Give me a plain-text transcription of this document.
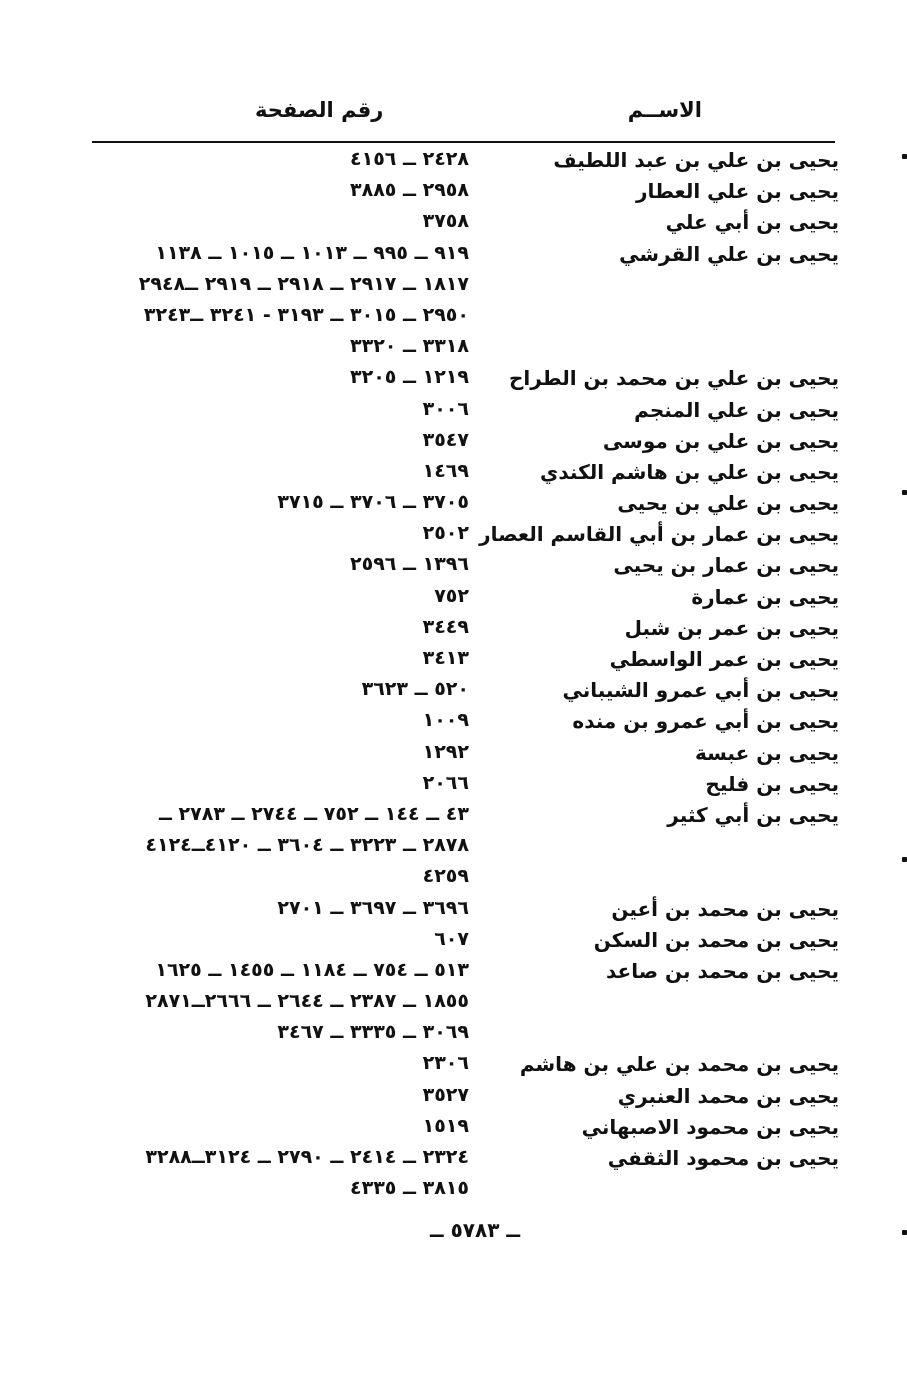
الاســم
رقم الصفحة
يحيى بن علي بن عبد اللطيف
٢٤٢٨ ــ ٤١٥٦
يحيى بن علي العطار
٢٩٥٨ ــ ٣٨٨٥
يحيى بن أبي علي
٣٧٥٨
يحيى بن علي القرشي
٩١٩ ــ ٩٩٥ ــ ١٠١٣ ــ ١٠١٥ ــ ١١٣٨
١٨١٧ ــ ٢٩١٧ ــ ٢٩١٨ ــ ٢٩١٩ ــ٢٩٤٨
٢٩٥٠ ــ ٣٠١٥ ــ ٣١٩٣ - ٣٢٤١ ــ٣٢٤٣
٣٣١٨ ــ ٣٣٢٠
يحيى بن علي بن محمد بن الطراح
١٢١٩ ــ ٣٢٠٥
يحيى بن علي المنجم
٣٠٠٦
يحيى بن علي بن موسى
٣٥٤٧
يحيى بن علي بن هاشم الكندي
١٤٦٩
يحيى بن علي بن يحيى
٣٧٠٥ ــ ٣٧٠٦ ــ ٣٧١٥
يحيى بن عمار بن أبي القاسم العصار
٢٥٠٢
يحيى بن عمار بن يحيى
١٣٩٦ ــ ٢٥٩٦
يحيى بن عمارة
٧٥٢
يحيى بن عمر بن شبل
٣٤٤٩
يحيى بن عمر الواسطي
٣٤١٣
يحيى بن أبي عمرو الشيباني
٥٢٠ ــ ٣٦٢٣
يحيى بن أبي عمرو بن منده
١٠٠٩
يحيى بن عبسة
١٢٩٢
يحيى بن فليح
٢٠٦٦
يحيى بن أبي كثير
٤٣ ــ ١٤٤ ــ ٧٥٢ ــ ٢٧٤٤ ــ ٢٧٨٣ ــ
٢٨٧٨ ــ ٣٢٢٣ ــ ٣٦٠٤ ــ ٤١٢٠ــ٤١٢٤
٤٢٥٩
يحيى بن محمد بن أعين
٣٦٩٦ ــ ٣٦٩٧ ــ ٢٧٠١
يحيى بن محمد بن السكن
٦٠٧
يحيى بن محمد بن صاعد
٥١٣ ــ ٧٥٤ ــ ١١٨٤ ــ ١٤٥٥ ــ ١٦٢٥
١٨٥٥ ــ ٢٣٨٧ ــ ٢٦٤٤ ــ ٢٦٦٦ــ٢٨٧١
٣٠٦٩ ــ ٣٣٣٥ ــ ٣٤٦٧
يحيى بن محمد بن علي بن هاشم
٢٣٠٦
يحيى بن محمد العنبري
٣٥٢٧
يحيى بن محمود الاصبهاني
١٥١٩
يحيى بن محمود الثقفي
٢٣٢٤ ــ ٢٤١٤ ــ ٢٧٩٠ ــ ٣١٢٤ــ٣٢٨٨
٣٨١٥ ــ ٤٣٣٥
ــ ٥٧٨٣ ــ
